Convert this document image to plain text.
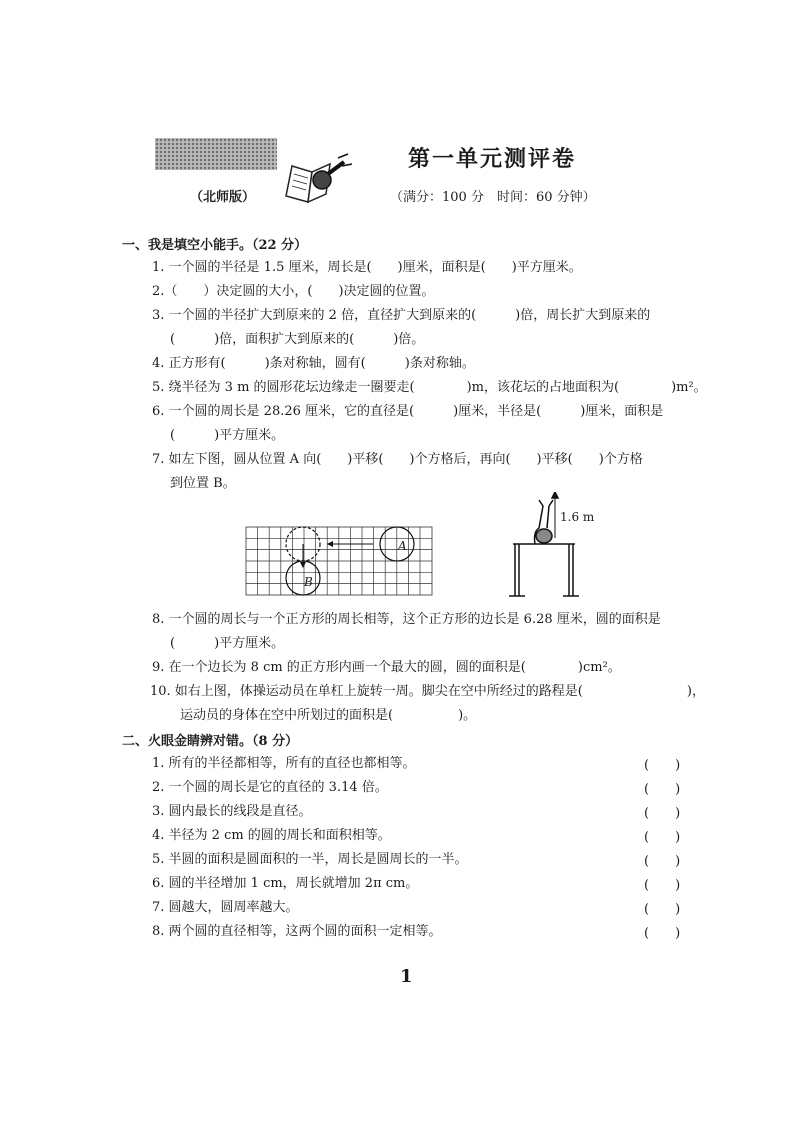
第一单元测评卷
（北师版）	（满分：100 分　时间：60 分钟）
一、我是填空小能手。（22 分）
1. 一个圆的半径是 1.5 厘米，周长是(　　)厘米，面积是(　　)平方厘米。
2.（　　）决定圆的大小，(　　)决定圆的位置。
3. 一个圆的半径扩大到原来的 2 倍，直径扩大到原来的(　　　)倍，周长扩大到原来的
(　　　)倍，面积扩大到原来的(　　　)倍。
4. 正方形有(　　　)条对称轴，圆有(　　　)条对称轴。
5. 绕半径为 3 m 的圆形花坛边缘走一圈要走(　　　　)m，该花坛的占地面积为(　　　　)m²。
6. 一个圆的周长是 28.26 厘米，它的直径是(　　　)厘米，半径是(　　　)厘米，面积是
(　　　)平方厘米。
7. 如左下图，圆从位置 A 向(　　)平移(　　)个方格后，再向(　　)平移(　　)个方格
到位置 B。
A
B
1.6 m
8. 一个圆的周长与一个正方形的周长相等，这个正方形的边长是 6.28 厘米，圆的面积是
(　　　)平方厘米。
9. 在一个边长为 8 cm 的正方形内画一个最大的圆，圆的面积是(　　　　)cm²。
10. 如右上图，体操运动员在单杠上旋转一周。脚尖在空中所经过的路程是(　　　　　　　　)，
运动员的身体在空中所划过的面积是(　　　　　)。
二、火眼金睛辨对错。（8 分）
1. 所有的半径都相等，所有的直径也都相等。
2. 一个圆的周长是它的直径的 3.14 倍。
3. 圆内最长的线段是直径。
4. 半径为 2 cm 的圆的周长和面积相等。
5. 半圆的面积是圆面积的一半，周长是圆周长的一半。
6. 圆的半径增加 1 cm，周长就增加 2π cm。
7. 圆越大，圆周率越大。
8. 两个圆的直径相等，这两个圆的面积一定相等。
(　　)
(　　)
(　　)
(　　)
(　　)
(　　)
(　　)
(　　)
1
